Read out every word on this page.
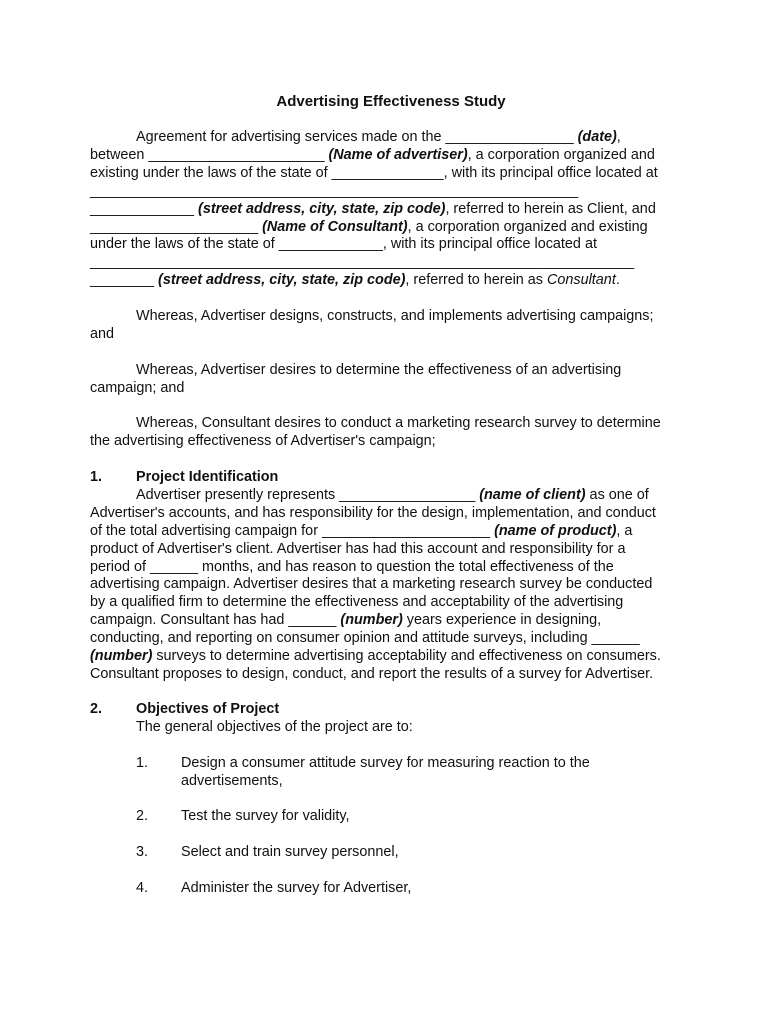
Advertising Effectiveness Study
Agreement for advertising services made on the ________________ (date),
between ______________________ (Name of advertiser), a corporation organized and
existing under the laws of the state of ______________, with its principal office located at
_____________________________________________________________
_____________ (street address, city, state, zip code), referred to herein as Client, and
_____________________ (Name of Consultant), a corporation organized and existing
under the laws of the state of _____________, with its principal office located at
____________________________________________________________________
________ (street address, city, state, zip code), referred to herein as Consultant.
Whereas, Advertiser designs, constructs, and implements advertising campaigns;
and
Whereas, Advertiser desires to determine the effectiveness of an advertising
campaign; and
Whereas, Consultant desires to conduct a marketing research survey to determine
the advertising effectiveness of Advertiser's campaign;
1. Project Identification
Advertiser presently represents _________________ (name of client) as one of
Advertiser's accounts, and has responsibility for the design, implementation, and conduct
of the total advertising campaign for _____________________ (name of product), a
product of Advertiser's client. Advertiser has had this account and responsibility for a
period of ______ months, and has reason to question the total effectiveness of the
advertising campaign. Advertiser desires that a marketing research survey be conducted
by a qualified firm to determine the effectiveness and acceptability of the advertising
campaign. Consultant has had ______ (number) years experience in designing,
conducting, and reporting on consumer opinion and attitude surveys, including ______
(number) surveys to determine advertising acceptability and effectiveness on consumers.
Consultant proposes to design, conduct, and report the results of a survey for Advertiser.
2. Objectives of Project
The general objectives of the project are to:
1. Design a consumer attitude survey for measuring reaction to the advertisements,
2. Test the survey for validity,
3. Select and train survey personnel,
4. Administer the survey for Advertiser,
